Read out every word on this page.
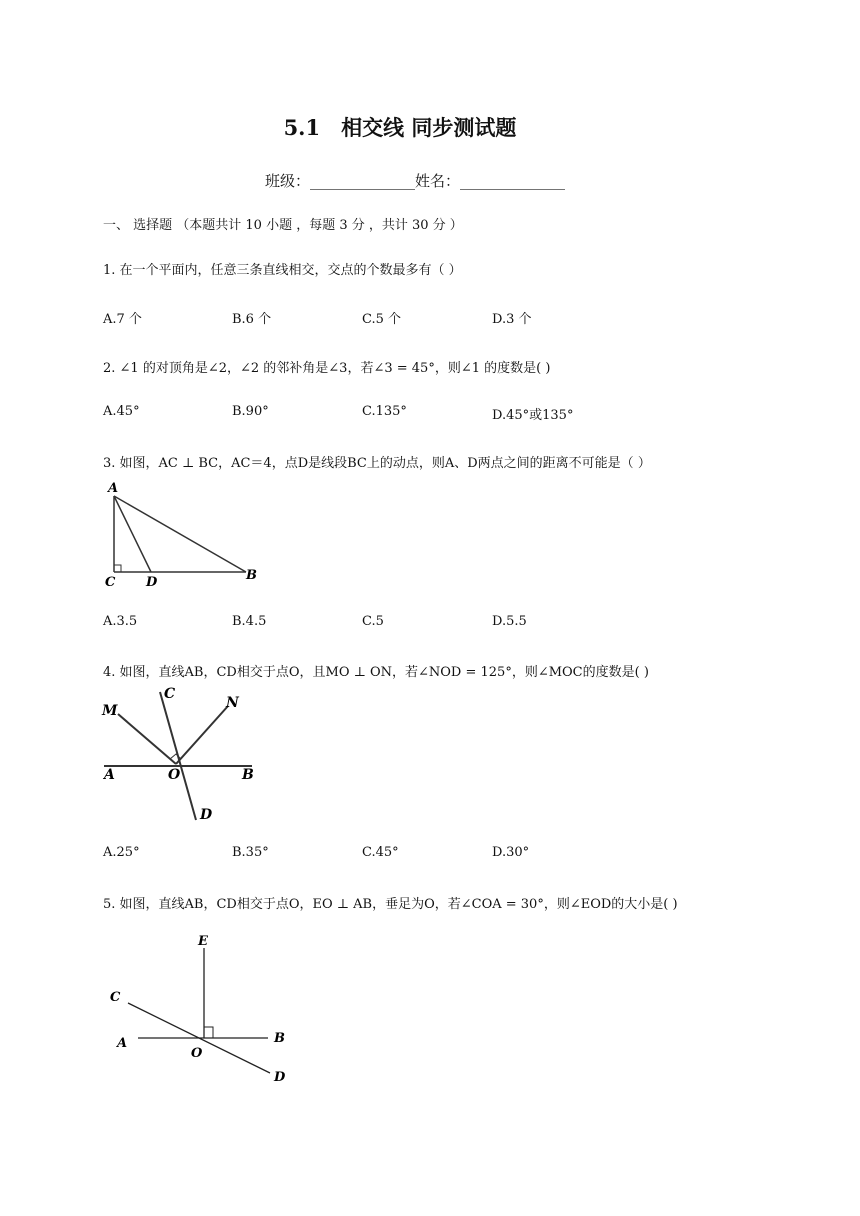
5.1　相交线 同步测试题
班级：______________姓名：______________
一、 选择题 （本题共计 10 小题 ，每题 3 分 ，共计 30 分 ）
1. 在一个平面内，任意三条直线相交，交点的个数最多有（ ）
A.7 个	B.6 个	C.5 个	D.3 个
2. ∠1 的对顶角是∠2，∠2 的邻补角是∠3，若∠3 = 45°，则∠1 的度数是( )
A.45°	B.90°	C.135°	D.45°或135°
3. 如图，AC ⊥ BC，AC＝4，点D是线段BC上的动点，则A、D两点之间的距离不可能是（ ）
A
C D	B
A.3.5	B.4.5	C.5	D.5.5
4. 如图，直线AB，CD相交于点O，且MO ⊥ ON，若∠NOD = 125°，则∠MOC的度数是( )
M
C
N
A	O	B
D
A.25°	B.35°	C.45°	D.30°
5. 如图，直线AB，CD相交于点O，EO ⊥ AB，垂足为O，若∠COA = 30°，则∠EOD的大小是( )
E
C
A	B
O
D
